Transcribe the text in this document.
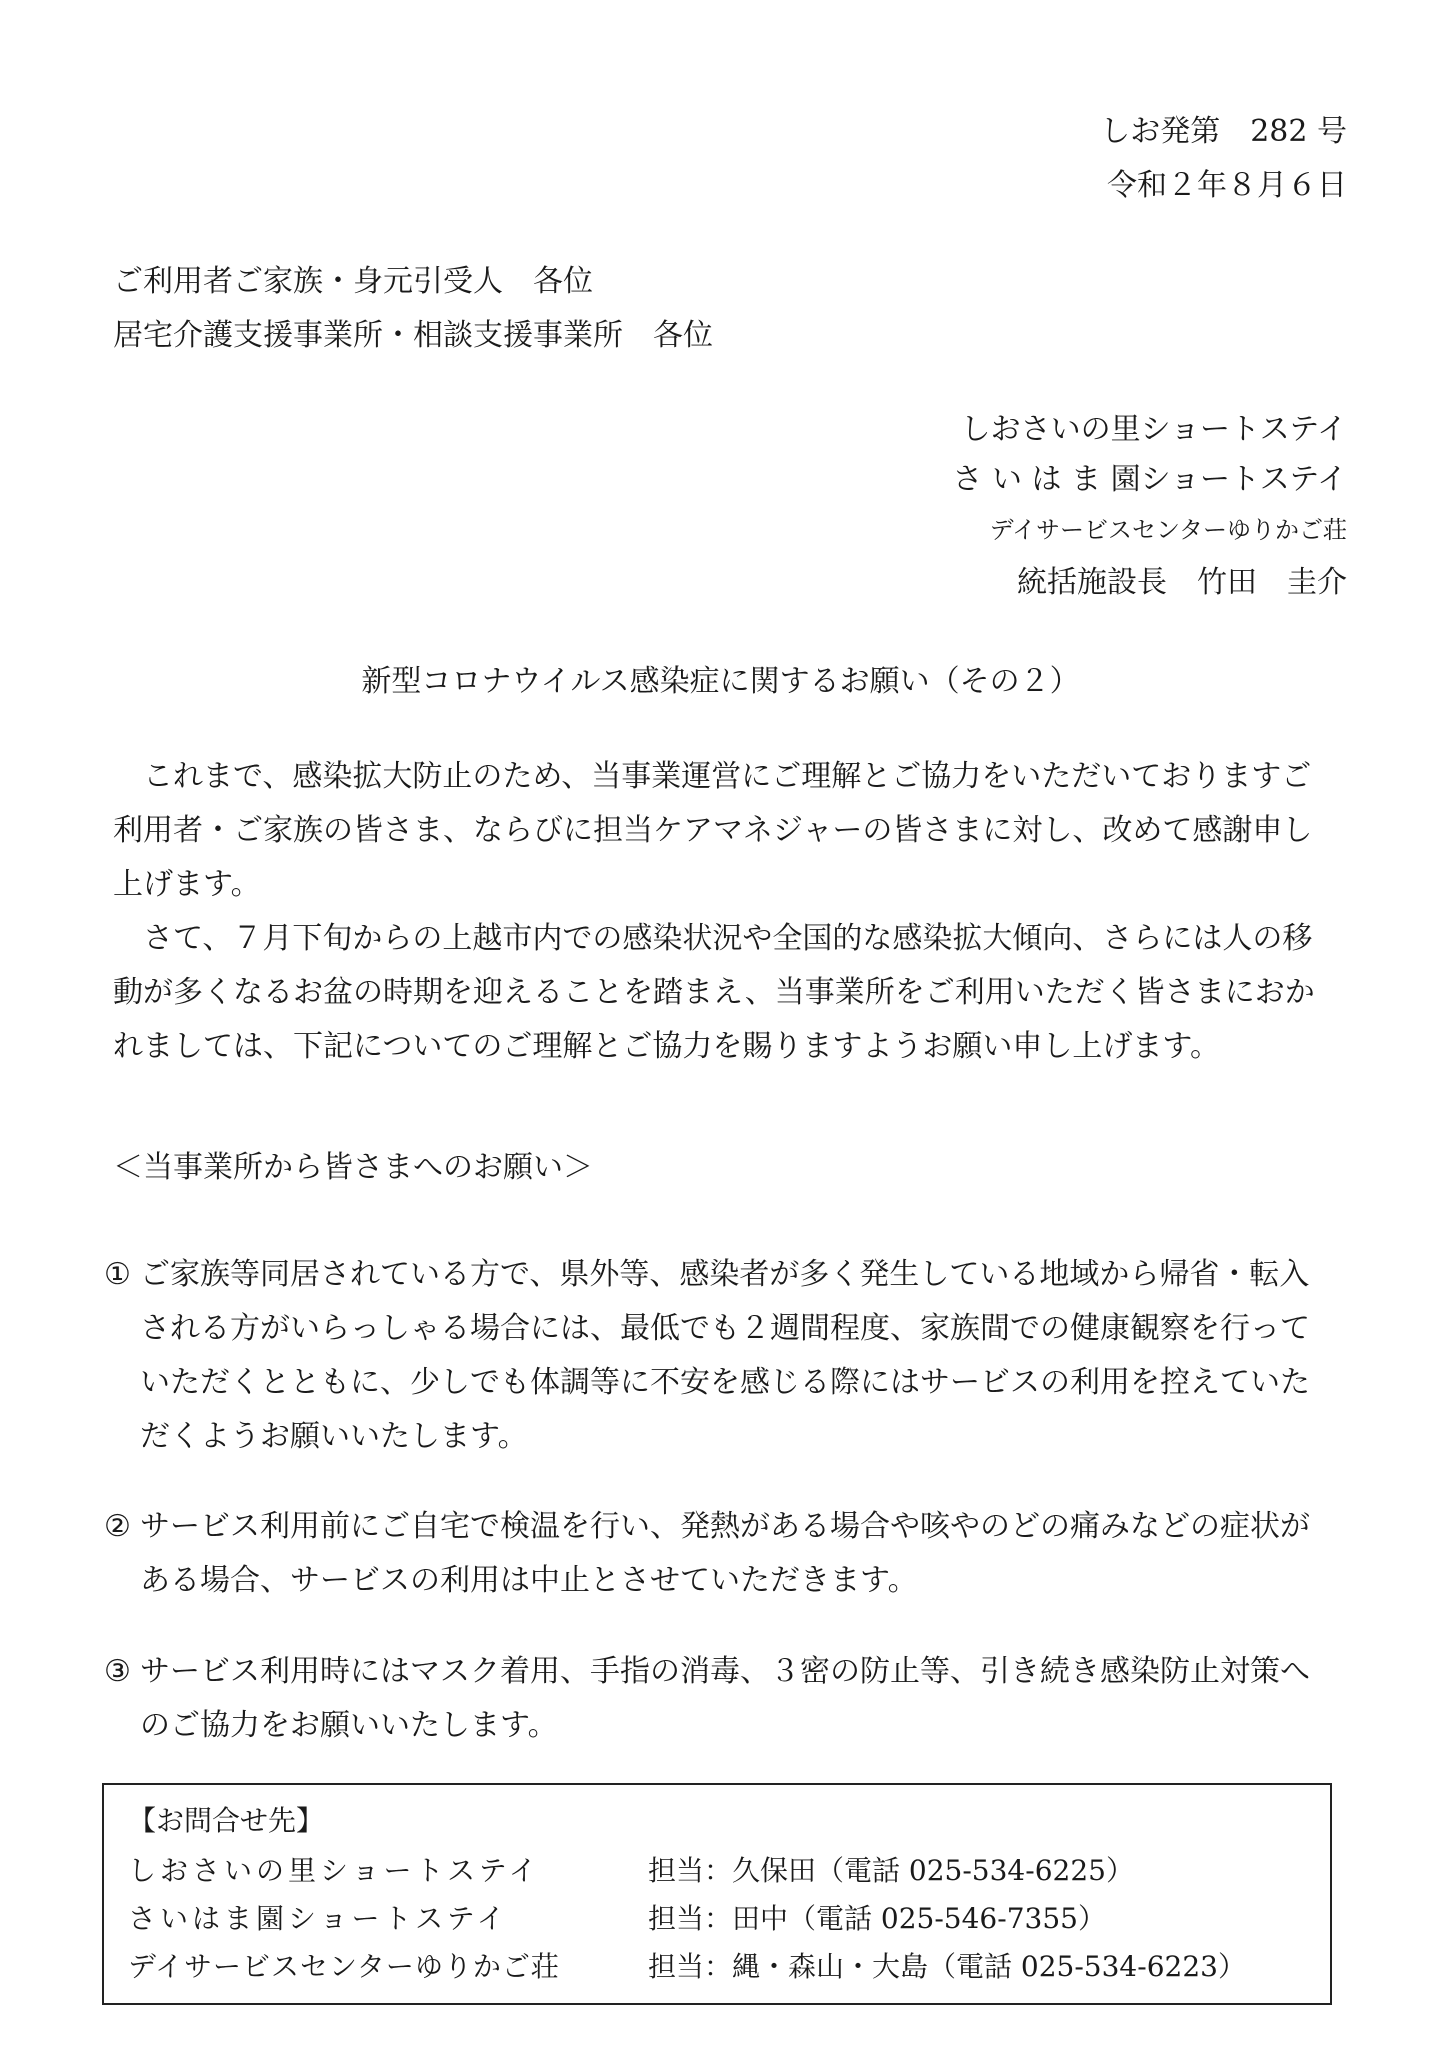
しお発第　282 号
令和２年８月６日
ご利用者ご家族・身元引受人　各位
居宅介護支援事業所・相談支援事業所　各位
しおさいの里ショートステイ
さ い は ま 園ショートステイ
デイサービスセンターゆりかご荘
統括施設長　竹田　圭介
新型コロナウイルス感染症に関するお願い（その２）

　これまで、感染拡大防止のため、当事業運営にご理解とご協力をいただいておりますご利用者・ご家族の皆さま、ならびに担当ケアマネジャーの皆さまに対し、改めて感謝申し上げます。

　さて、７月下旬からの上越市内での感染状況や全国的な感染拡大傾向、さらには人の移動が多くなるお盆の時期を迎えることを踏まえ、当事業所をご利用いただく皆さまにおかれましては、下記についてのご理解とご協力を賜りますようお願い申し上げます。

＜当事業所から皆さまへのお願い＞
① ご家族等同居されている方で、県外等、感染者が多く発生している地域から帰省・転入される方がいらっしゃる場合には、最低でも２週間程度、家族間での健康観察を行っていただくとともに、少しでも体調等に不安を感じる際にはサービスの利用を控えていただくようお願いいたします。
② サービス利用前にご自宅で検温を行い、発熱がある場合や咳やのどの痛みなどの症状がある場合、サービスの利用は中止とさせていただきます。
③ サービス利用時にはマスク着用、手指の消毒、３密の防止等、引き続き感染防止対策へのご協力をお願いいたします。
【お問合せ先】
しおさいの里ショートステイ	担当：久保田（電話 025-534-6225）
さいはま園ショートステイ	担当：田中（電話 025-546-7355）
デイサービスセンターゆりかご荘	担当：縄・森山・大島（電話 025-534-6223）
